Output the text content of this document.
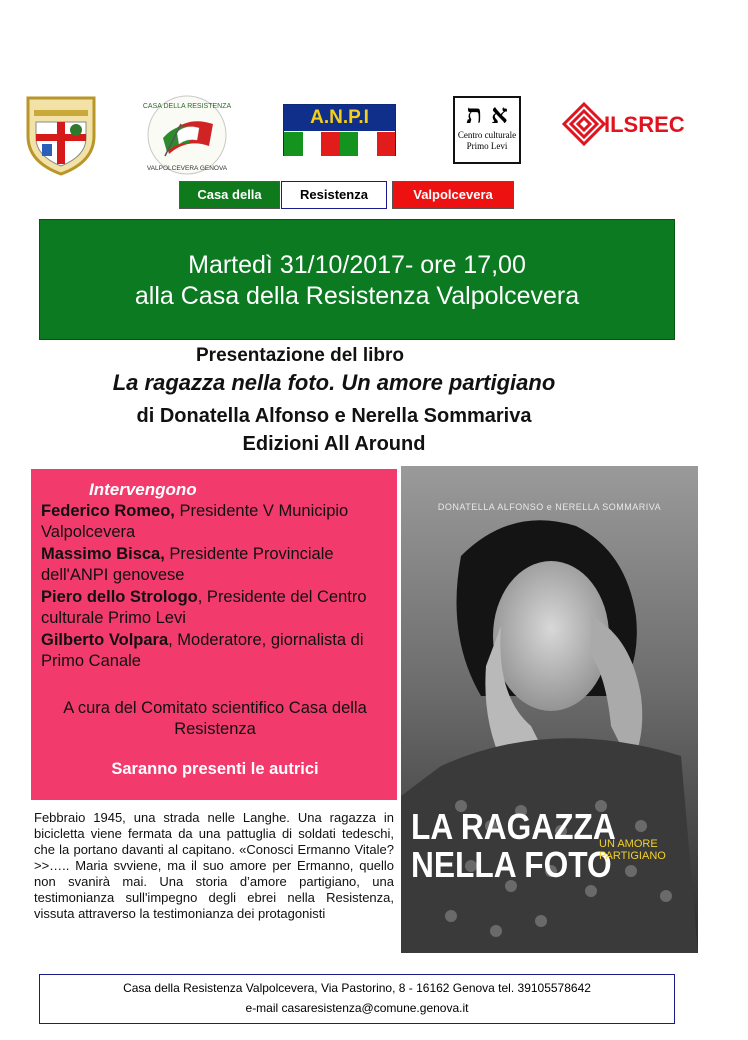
CASA DELLA RESISTENZA
VALPOLCEVERA GENOVA
A.N.P.I	א ת
Centro culturale
Primo Levi
ILSREC
Casa della	Resistenza	Valpolcevera
Martedì 31/10/2017- ore 17,00
alla Casa della Resistenza Valpolcevera
Presentazione del libro
La ragazza nella foto. Un amore partigiano
di Donatella Alfonso e Nerella Sommariva
Edizioni All Around
Intervengono
Federico Romeo, Presidente V Municipio Valpolcevera
Massimo Bisca, Presidente Provinciale dell'ANPI genovese
Piero dello Strologo, Presidente del Centro culturale Primo Levi
Gilberto Volpara, Moderatore, giornalista di Primo Canale
A cura del Comitato scientifico Casa della Resistenza
Saranno presenti le autrici
DONATELLA ALFONSO e NERELLA SOMMARIVA
LA RAGAZZA
NELLA FOTO
UN AMORE
PARTIGIANO
Febbraio 1945, una strada nelle Langhe. Una ragazza in bicicletta viene fermata da una pattuglia di soldati tedeschi, che la portano davanti al capitano. «Conosci Ermanno Vitale?>>….. Maria svviene, ma il suo amore per Ermanno, quello non svanirà mai. Una storia d’amore partigiano, una testimonianza sull'impegno degli ebrei nella Resistenza, vissuta attraverso la testimonianza dei protagonisti
Casa della Resistenza Valpolcevera, Via Pastorino, 8 - 16162 Genova tel. 39105578642
e-mail casaresistenza@comune.genova.it
